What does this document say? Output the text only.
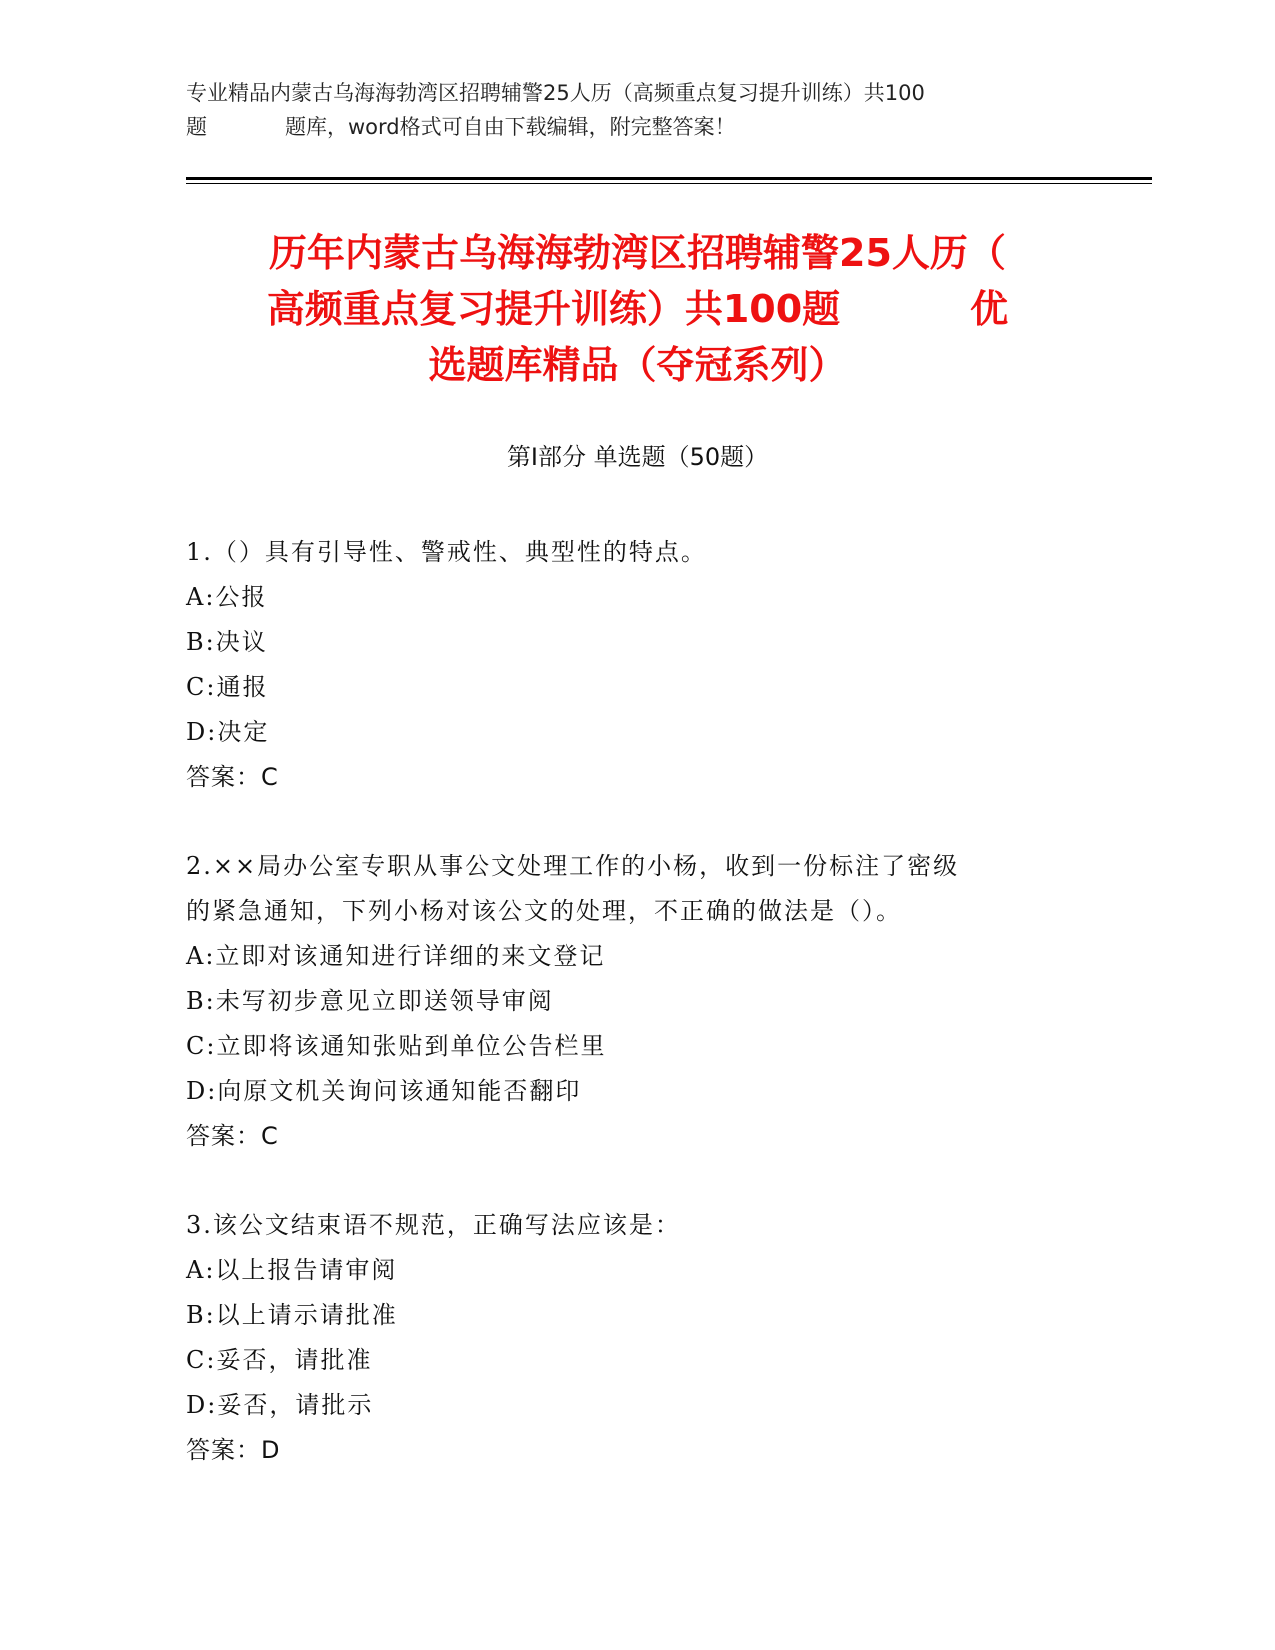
专业精品内蒙古乌海海勃湾区招聘辅警25人历（高频重点复习提升训练）共100
题	题库，word格式可自由下载编辑，附完整答案！
历年内蒙古乌海海勃湾区招聘辅警25人历（
高频重点复习提升训练）共100题	优
选题库精品（夺冠系列）
第Ⅰ部分 单选题（50题）
1.（）具有引导性、警戒性、典型性的特点。
A:公报
B:决议
C:通报
D:决定
答案：C
2.××局办公室专职从事公文处理工作的小杨，收到一份标注了密级
的紧急通知，下列小杨对该公文的处理，不正确的做法是（）。
A:立即对该通知进行详细的来文登记
B:未写初步意见立即送领导审阅
C:立即将该通知张贴到单位公告栏里
D:向原文机关询问该通知能否翻印
答案：C
3.该公文结束语不规范，正确写法应该是：
A:以上报告请审阅
B:以上请示请批准
C:妥否，请批准
D:妥否，请批示
答案：D
